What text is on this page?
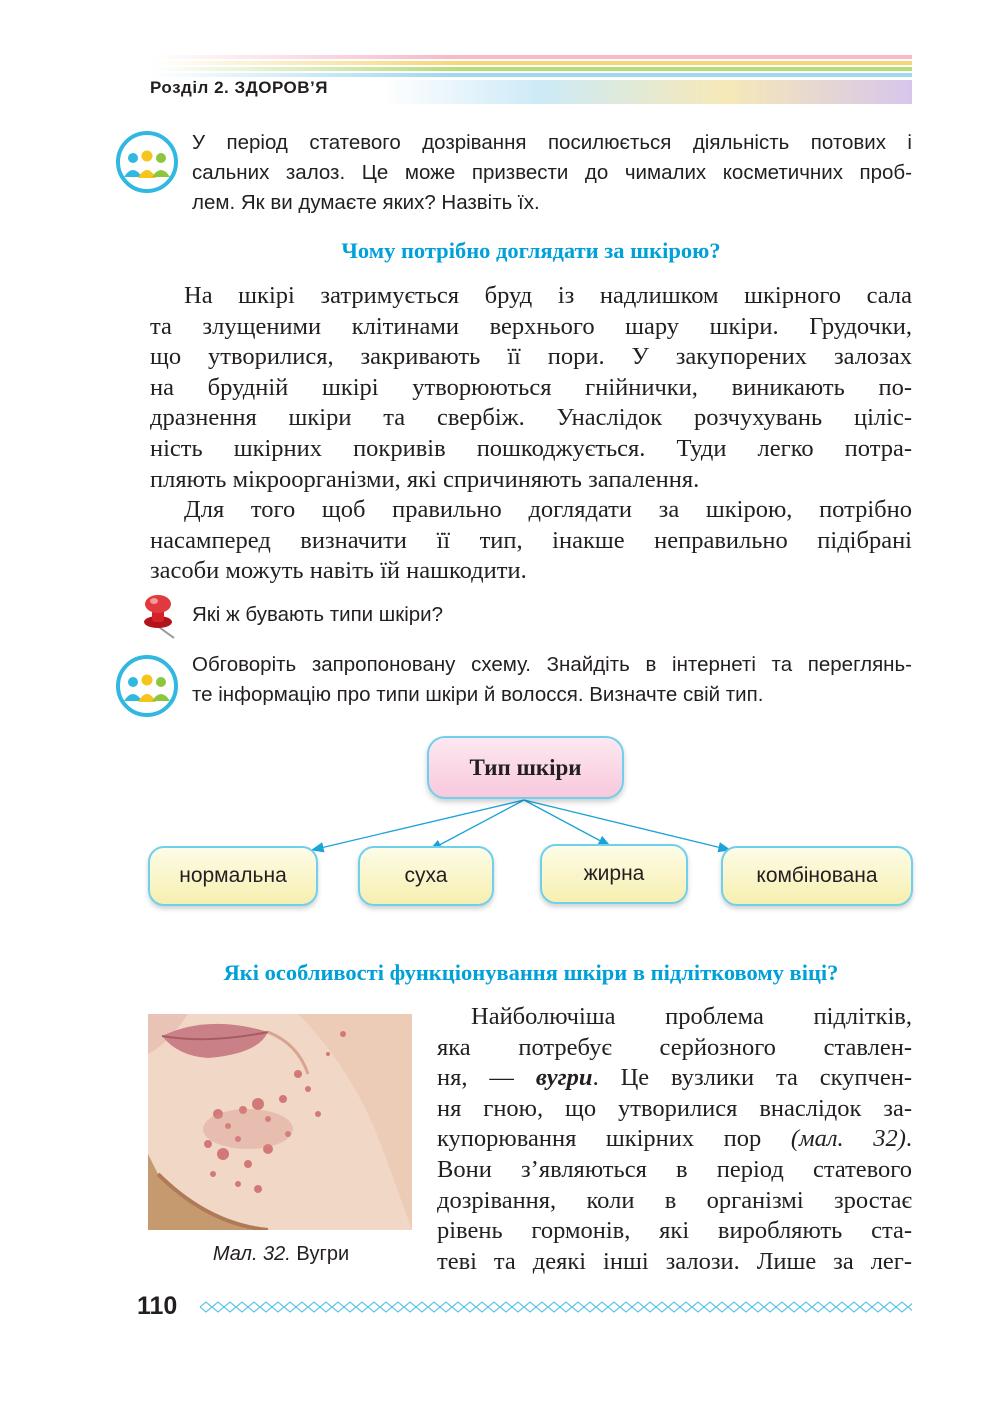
Розділ 2. ЗДОРОВ’Я
У період статевого дозрівання посилюється діяльність потових і
сальних залоз. Це може призвести до чималих косметичних проб-
лем. Як ви думаєте яких? Назвіть їх.
Чому потрібно доглядати за шкірою?
На шкірі затримується бруд із надлишком шкірного сала
та злущеними клітинами верхнього шару шкіри. Грудочки,
що утворилися, закривають її пори. У закупорених залозах
на брудній шкірі утворюються гнійнички, виникають по-
дразнення шкіри та свербіж. Унаслідок розчухувань ціліс-
ність шкірних покривів пошкоджується. Туди легко потра-
пляють мікроорганізми, які спричиняють запалення.
Для того щоб правильно доглядати за шкірою, потрібно
насамперед визначити її тип, інакше неправильно підібрані
засоби можуть навіть їй нашкодити.
Які ж бувають типи шкіри?
Обговоріть запропоновану схему. Знайдіть в інтернеті та переглянь-
те інформацію про типи шкіри й волосся. Визначте свій тип.
Тип шкіри
нормальна	суха	жирна	комбінована
Які особливості функціонування шкіри в підлітковому віці?
Мал. 32. Вугри
Найболючіша проблема підлітків,
яка потребує серйозного ставлен-
ня, — вугри. Це вузлики та скупчен-
ня гною, що утворилися внаслідок за-
купорювання шкірних пор (мал. 32).
Вони з’являються в період статевого
дозрівання, коли в організмі зростає
рівень гормонів, які виробляють ста-
теві та деякі інші залози. Лише за лег-
110
